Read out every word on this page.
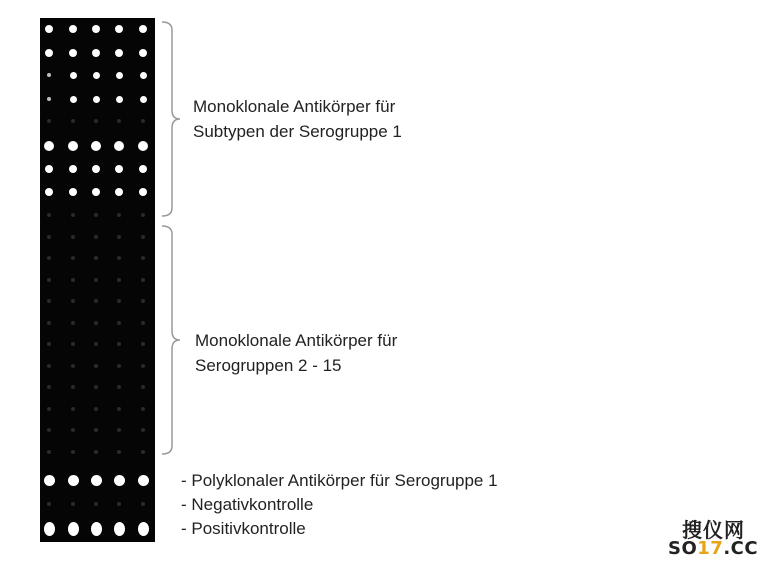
Monoklonale Antikörper für
Subtypen der Serogruppe 1
Monoklonale Antikörper für
Serogruppen 2 - 15
- Polyklonaler Antikörper für Serogruppe 1
- Negativkontrolle
- Positivkontrolle	搜仪网
SO17.CC
